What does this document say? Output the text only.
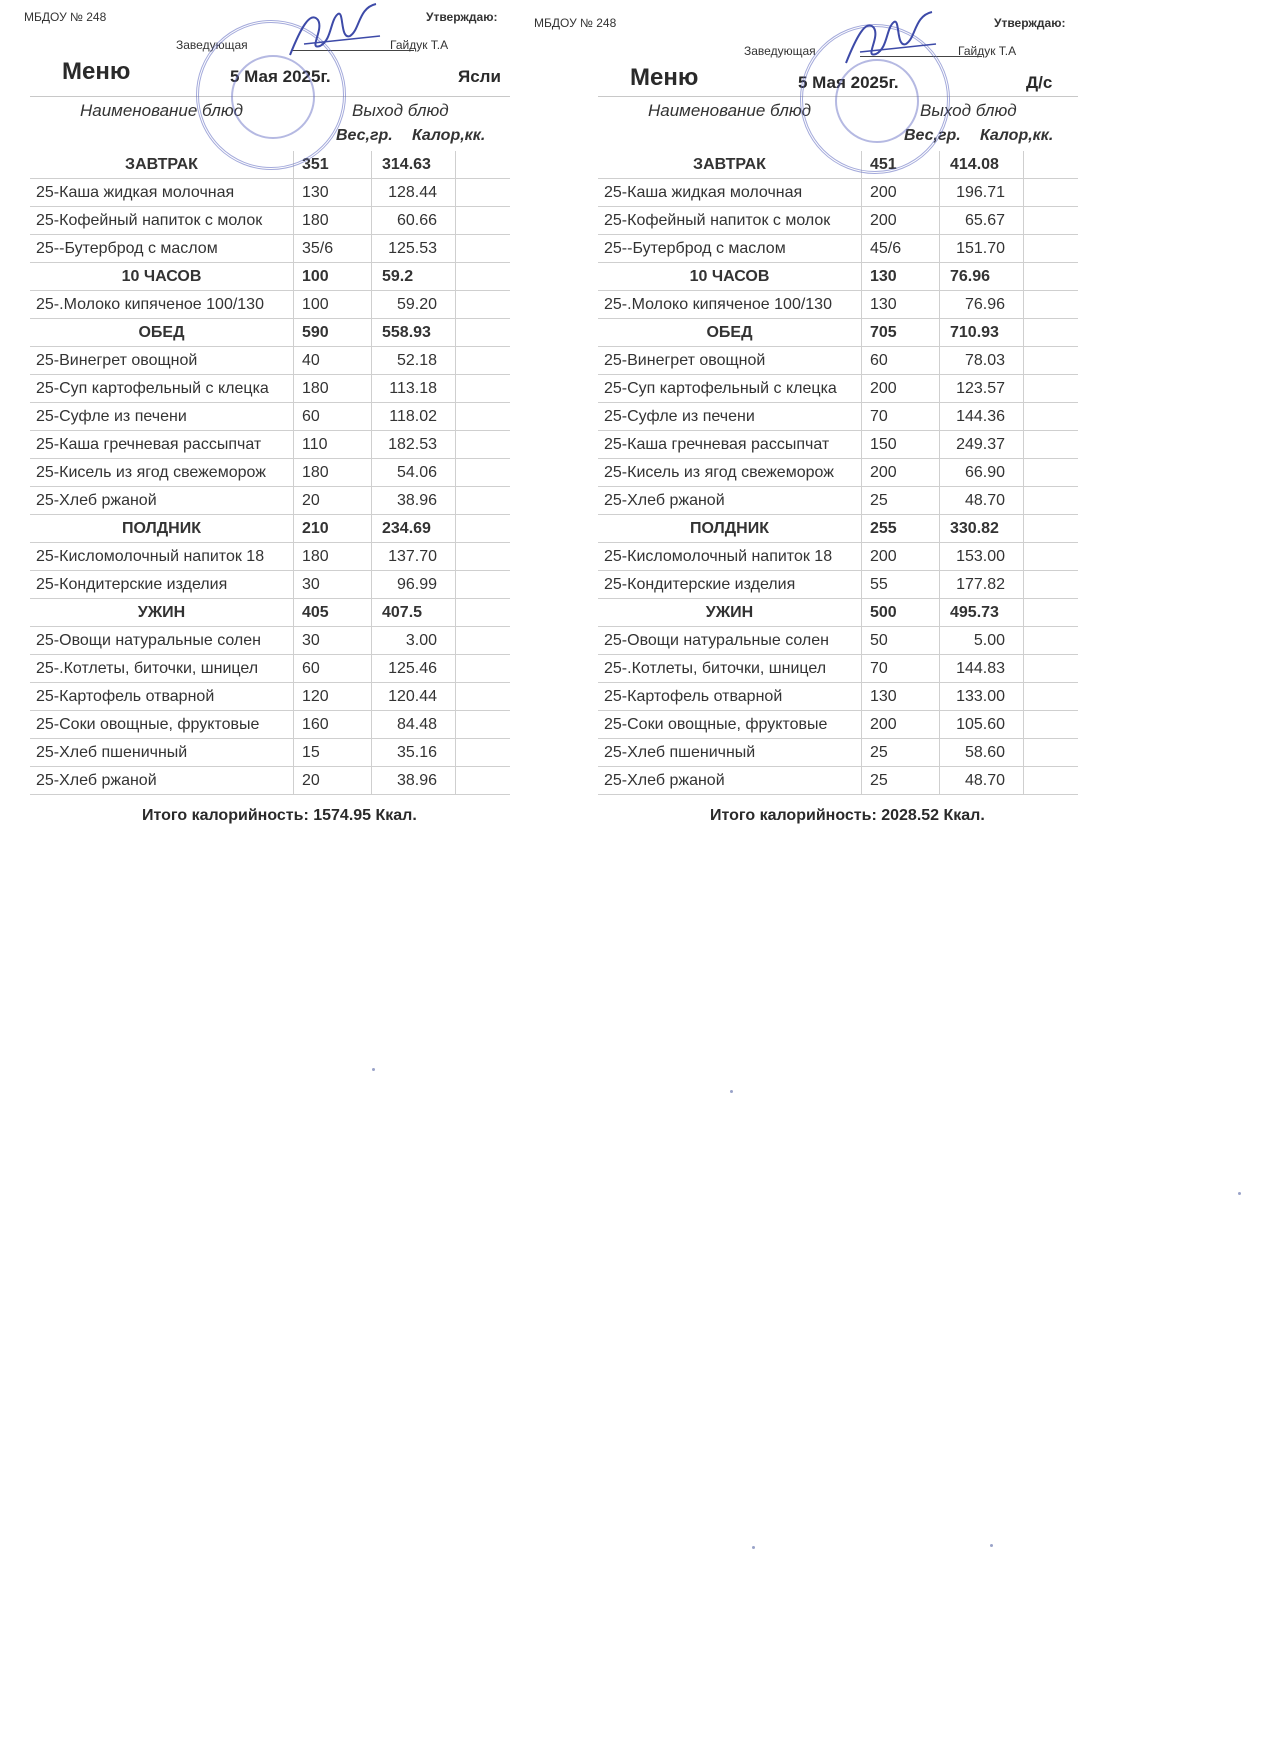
МБДОУ № 248	Утверждаю:
Заведующая	Гайдук Т.А
Меню	5 Мая 2025г.	Ясли
Наименование блюд	Выход блюд
Вес,гр. Калор,кк.
ЗАВТРАК	351	314.63
25-Каша жидкая молочная	130	128.44
25-Кофейный напиток с молок	180	60.66
25--Бутерброд с маслом	35/6	125.53
10 ЧАСОВ	100	59.2
25-.Молоко кипяченое 100/130	100	59.20
ОБЕД	590	558.93
25-Винегрет овощной	40	52.18
25-Суп картофельный с клецка	180	113.18
25-Суфле из печени	60	118.02
25-Каша гречневая рассыпчат	110	182.53
25-Кисель из ягод свежеморож	180	54.06
25-Хлеб ржаной	20	38.96
ПОЛДНИК	210	234.69
25-Кисломолочный напиток 18	180	137.70
25-Кондитерские изделия	30	96.99
УЖИН	405	407.5
25-Овощи натуральные солен	30	3.00
25-.Котлеты, биточки, шницел	60	125.46
25-Картофель отварной	120	120.44
25-Соки овощные, фруктовые	160	84.48
25-Хлеб пшеничный	15	35.16
25-Хлеб ржаной	20	38.96
Итого калорийность: 1574.95 Ккал.
МБДОУ № 248	Утверждаю:
Заведующая	Гайдук Т.А
Меню	5 Мая 2025г.	Д/с
Наименование блюд	Выход блюд
Вес,гр. Калор,кк.
ЗАВТРАК	451	414.08
25-Каша жидкая молочная	200	196.71
25-Кофейный напиток с молок	200	65.67
25--Бутерброд с маслом	45/6	151.70
10 ЧАСОВ	130	76.96
25-.Молоко кипяченое 100/130	130	76.96
ОБЕД	705	710.93
25-Винегрет овощной	60	78.03
25-Суп картофельный с клецка	200	123.57
25-Суфле из печени	70	144.36
25-Каша гречневая рассыпчат	150	249.37
25-Кисель из ягод свежеморож	200	66.90
25-Хлеб ржаной	25	48.70
ПОЛДНИК	255	330.82
25-Кисломолочный напиток 18	200	153.00
25-Кондитерские изделия	55	177.82
УЖИН	500	495.73
25-Овощи натуральные солен	50	5.00
25-.Котлеты, биточки, шницел	70	144.83
25-Картофель отварной	130	133.00
25-Соки овощные, фруктовые	200	105.60
25-Хлеб пшеничный	25	58.60
25-Хлеб ржаной	25	48.70
Итого калорийность: 2028.52 Ккал.
